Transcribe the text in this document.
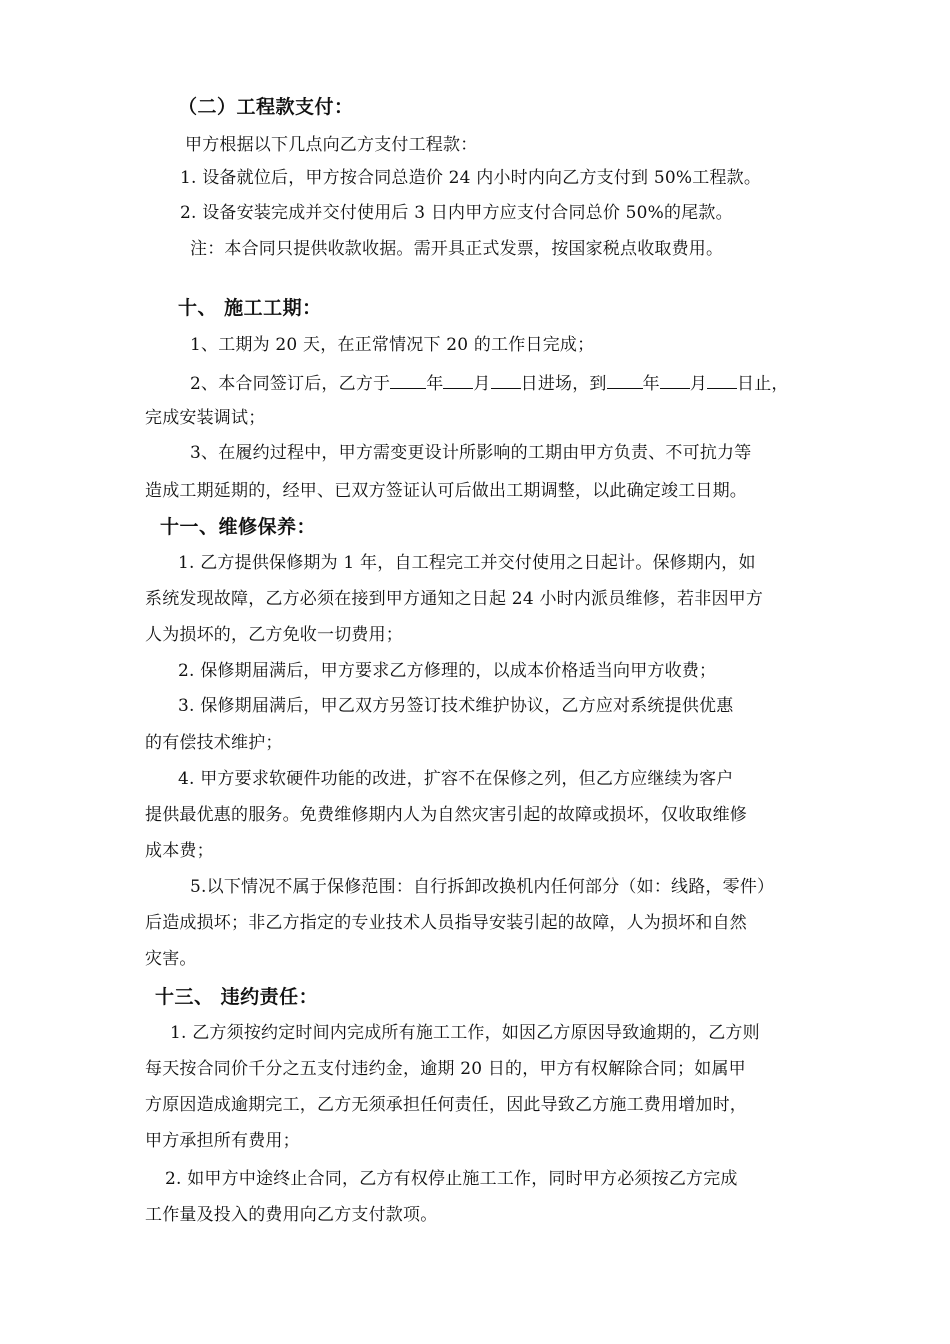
（二）工程款支付：
甲方根据以下几点向乙方支付工程款：
1. 设备就位后，甲方按合同总造价 24 内小时内向乙方支付到 50%工程款。
2. 设备安装完成并交付使用后 3 日内甲方应支付合同总价 50%的尾款。
注：本合同只提供收款收据。需开具正式发票，按国家税点收取费用。
十、 施工工期：
1、工期为 20 天，在正常情况下 20 的工作日完成；
2、本合同签订后，乙方于 年 月 日进场，到 年 月 日止，
完成安装调试；
3、在履约过程中，甲方需变更设计所影响的工期由甲方负责、不可抗力等
造成工期延期的，经甲、已双方签证认可后做出工期调整，以此确定竣工日期。
十一、维修保养：
1. 乙方提供保修期为 1 年，自工程完工并交付使用之日起计。保修期内，如
系统发现故障，乙方必须在接到甲方通知之日起 24 小时内派员维修，若非因甲方
人为损坏的，乙方免收一切费用；
2. 保修期届满后，甲方要求乙方修理的，以成本价格适当向甲方收费；
3. 保修期届满后，甲乙双方另签订技术维护协议，乙方应对系统提供优惠
的有偿技术维护；
4. 甲方要求软硬件功能的改进，扩容不在保修之列，但乙方应继续为客户
提供最优惠的服务。免费维修期内人为自然灾害引起的故障或损坏，仅收取维修
成本费；
5.以下情况不属于保修范围：自行拆卸改换机内任何部分（如：线路，零件）
后造成损坏；非乙方指定的专业技术人员指导安装引起的故障，人为损坏和自然
灾害。
十三、 违约责任：
1. 乙方须按约定时间内完成所有施工工作，如因乙方原因导致逾期的，乙方则
每天按合同价千分之五支付违约金，逾期 20 日的，甲方有权解除合同；如属甲
方原因造成逾期完工，乙方无须承担任何责任，因此导致乙方施工费用增加时，
甲方承担所有费用；
2. 如甲方中途终止合同，乙方有权停止施工工作，同时甲方必须按乙方完成
工作量及投入的费用向乙方支付款项。
